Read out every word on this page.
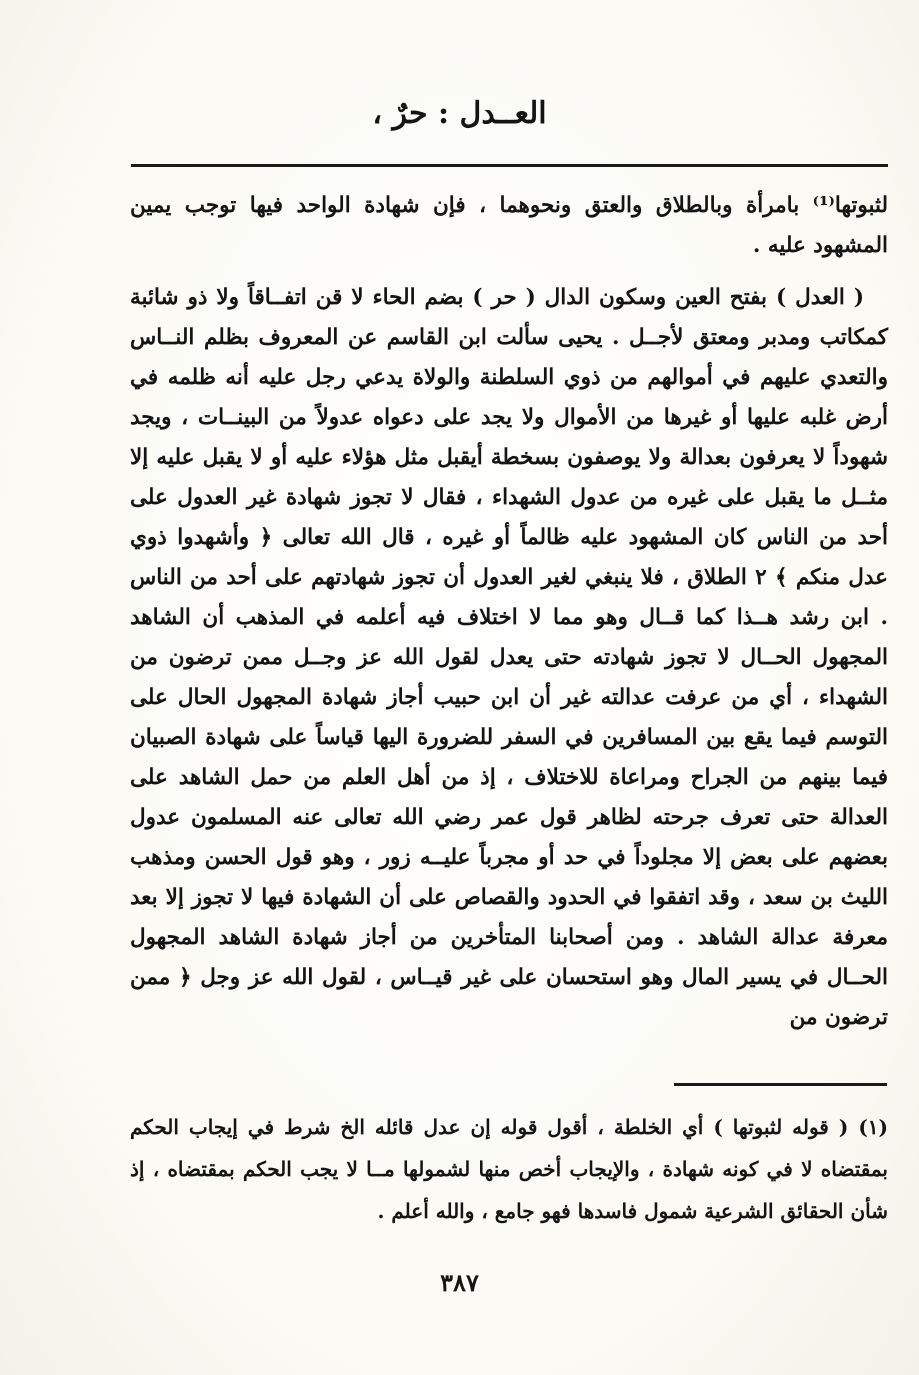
العــدل : حرٌ ،

لثبوتها⁽¹⁾ بامرأة وبالطلاق والعتق ونحوهما ، فإن شهادة الواحد فيها توجب يمين المشهود عليه .

( العدل ) بفتح العين وسكون الدال ( حر ) بضم الحاء لا قن اتفــاقاً ولا ذو شائبة كمكاتب ومدبر ومعتق لأجــل . يحيى سألت ابن القاسم عن المعروف بظلم النــاس والتعدي عليهم في أموالهم من ذوي السلطنة والولاة يدعي رجل عليه أنه ظلمه في أرض غلبه عليها أو غيرها من الأموال ولا يجد على دعواه عدولاً من البينــات ، ويجد شهوداً لا يعرفون بعدالة ولا يوصفون بسخطة أيقبل مثل هؤلاء عليه أو لا يقبل عليه إلا مثــل ما يقبل على غيره من عدول الشهداء ، فقال لا تجوز شهادة غير العدول على أحد من الناس كان المشهود عليه ظالماً أو غيره ، قال الله تعالى ﴿ وأشهدوا ذوي عدل منكم ﴾ ٢ الطلاق ، فلا ينبغي لغير العدول أن تجوز شهادتهم على أحد من الناس . ابن رشد هــذا كما قــال وهو مما لا اختلاف فيه أعلمه في المذهب أن الشاهد المجهول الحــال لا تجوز شهادته حتى يعدل لقول الله عز وجــل ممن ترضون من الشهداء ، أي من عرفت عدالته غير أن ابن حبيب أجاز شهادة المجهول الحال على التوسم فيما يقع بين المسافرين في السفر للضرورة اليها قياساً على شهادة الصبيان فيما بينهم من الجراح ومراعاة للاختلاف ، إذ من أهل العلم من حمل الشاهد على العدالة حتى تعرف جرحته لظاهر قول عمر رضي الله تعالى عنه المسلمون عدول بعضهم على بعض إلا مجلوداً في حد أو مجرباً عليــه زور ، وهو قول الحسن ومذهب الليث بن سعد ، وقد اتفقوا في الحدود والقصاص على أن الشهادة فيها لا تجوز إلا بعد معرفة عدالة الشاهد . ومن أصحابنا المتأخرين من أجاز شهادة الشاهد المجهول الحــال في يسير المال وهو استحسان على غير قيــاس ، لقول الله عز وجل ﴿ ممن ترضون من

(١) ( قوله لثبوتها ) أي الخلطة ، أقول قوله إن عدل قائله الخ شرط في إيجاب الحكم بمقتضاه لا في كونه شهادة ، والإيجاب أخص منها لشمولها مــا لا يجب الحكم بمقتضاه ، إذ شأن الحقائق الشرعية شمول فاسدها فهو جامع ، والله أعلم .

٣٨٧
